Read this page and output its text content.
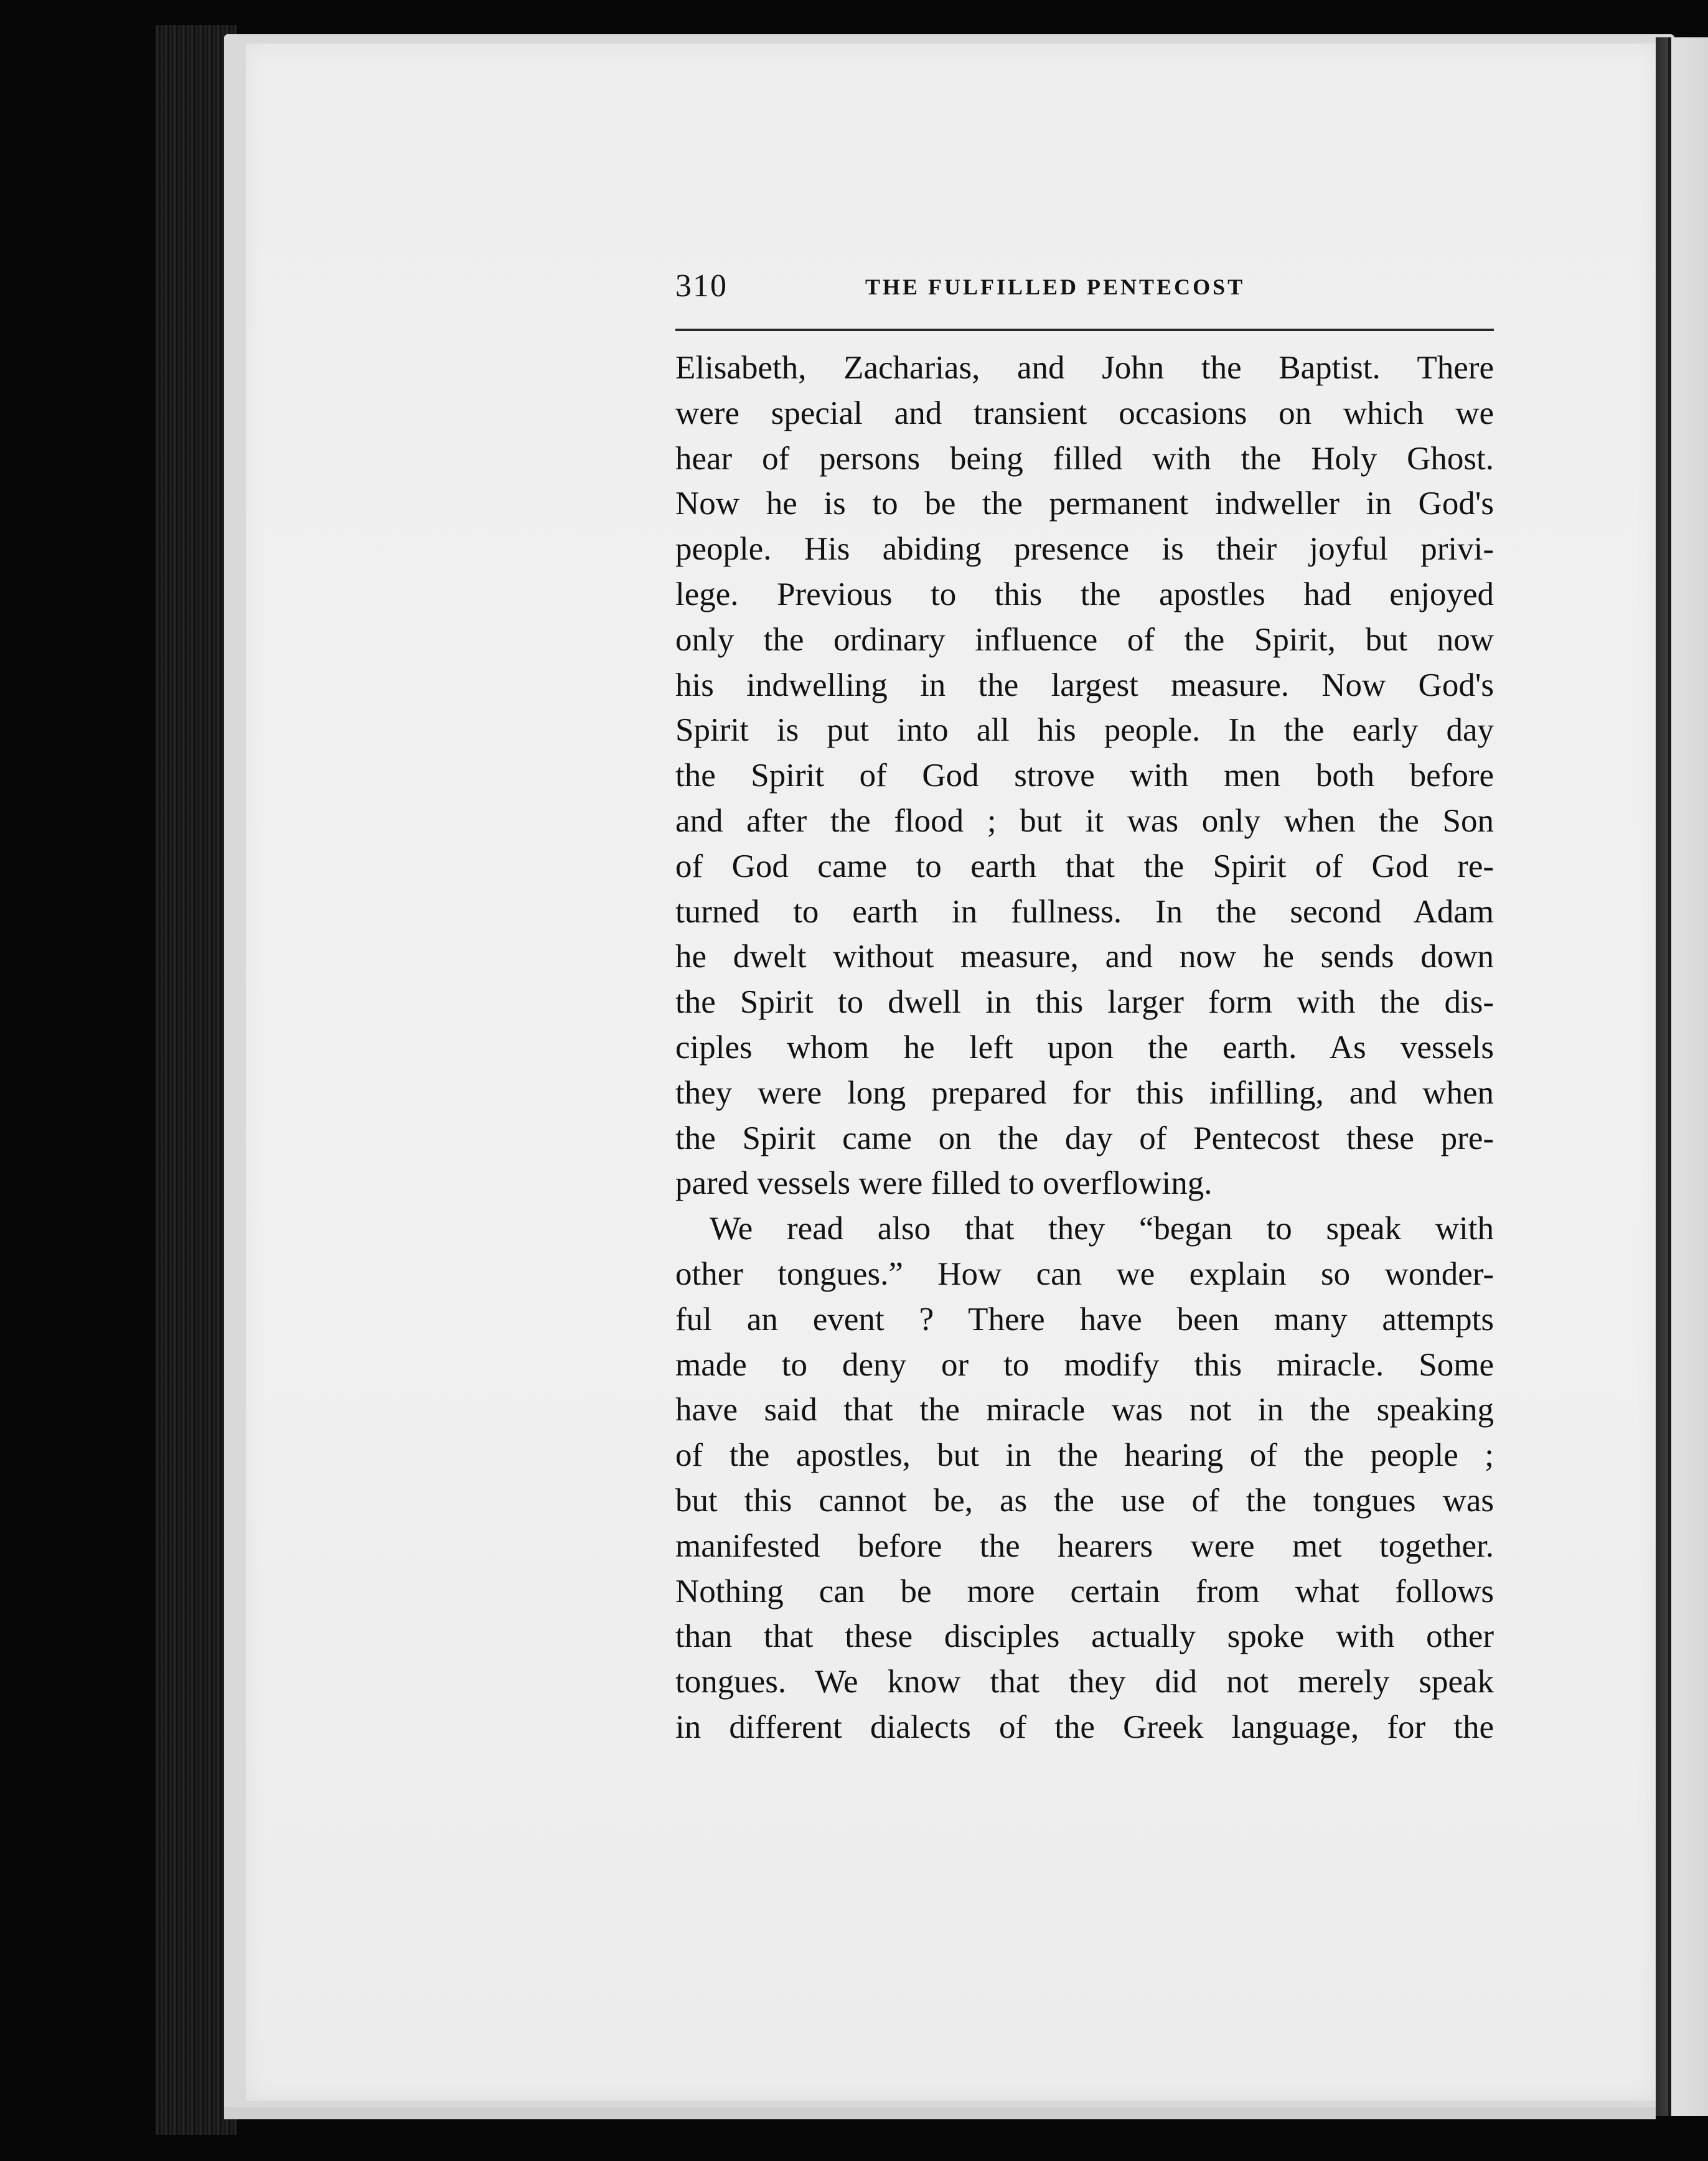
310	THE FULFILLED PENTECOST
Elisabeth, Zacharias, and John the Baptist. There
were special and transient occasions on which we
hear of persons being filled with the Holy Ghost.
Now he is to be the permanent indweller in God's
people. His abiding presence is their joyful privi-
lege. Previous to this the apostles had enjoyed
only the ordinary influence of the Spirit, but now
his indwelling in the largest measure. Now God's
Spirit is put into all his people. In the early day
the Spirit of God strove with men both before
and after the flood ; but it was only when the Son
of God came to earth that the Spirit of God re-
turned to earth in fullness. In the second Adam
he dwelt without measure, and now he sends down
the Spirit to dwell in this larger form with the dis-
ciples whom he left upon the earth. As vessels
they were long prepared for this infilling, and when
the Spirit came on the day of Pentecost these pre-
pared vessels were filled to overflowing.
We read also that they “began to speak with
other tongues.” How can we explain so wonder-
ful an event ? There have been many attempts
made to deny or to modify this miracle. Some
have said that the miracle was not in the speaking
of the apostles, but in the hearing of the people ;
but this cannot be, as the use of the tongues was
manifested before the hearers were met together.
Nothing can be more certain from what follows
than that these disciples actually spoke with other
tongues. We know that they did not merely speak
in different dialects of the Greek language, for the
